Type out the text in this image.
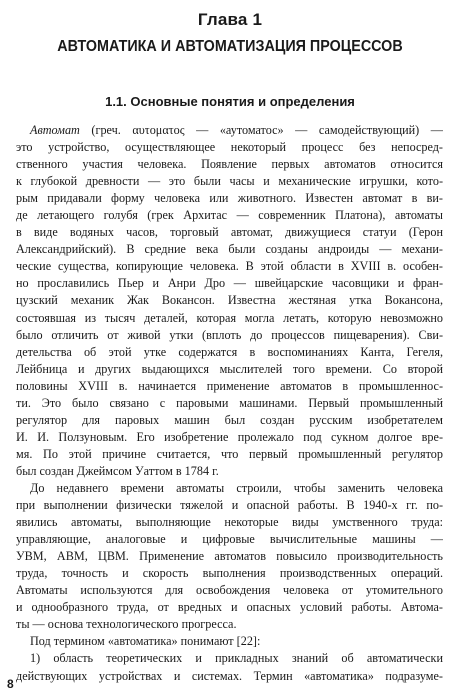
Глава 1
АВТОМАТИКА И АВТОМАТИЗАЦИЯ ПРОЦЕССОВ
1.1. Основные понятия и определения
Автомат (греч. αυτοματος — «аутоматос» — самодействующий) —
это устройство, осуществляющее некоторый процесс без непосред-
ственного участия человека. Появление первых автоматов относится
к глубокой древности — это были часы и механические игрушки, кото-
рым придавали форму человека или животного. Известен автомат в ви-
де летающего голубя (грек Архитас — современник Платона), автоматы
в виде водяных часов, торговый автомат, движущиеся статуи (Герон
Александрийский). В средние века были созданы андроиды — механи-
ческие существа, копирующие человека. В этой области в XVIII в. особен-
но прославились Пьер и Анри Дро — швейцарские часовщики и фран-
цузский механик Жак Вокансон. Известна жестяная утка Вокансона,
состоявшая из тысяч деталей, которая могла летать, которую невозможно
было отличить от живой утки (вплоть до процессов пищеварения). Сви-
детельства об этой утке содержатся в воспоминаниях Канта, Гегеля,
Лейбница и других выдающихся мыслителей того времени. Со второй
половины XVIII в. начинается применение автоматов в промышленнос-
ти. Это было связано с паровыми машинами. Первый промышленный
регулятор для паровых машин был создан русским изобретателем
И. И. Ползуновым. Его изобретение пролежало под сукном долгое вре-
мя. По этой причине считается, что первый промышленный регулятор
был создан Джеймсом Уаттом в 1784 г.
До недавнего времени автоматы строили, чтобы заменить человека
при выполнении физически тяжелой и опасной работы. В 1940-х гг. по-
явились автоматы, выполняющие некоторые виды умственного труда:
управляющие, аналоговые и цифровые вычислительные машины —
УВМ, АВМ, ЦВМ. Применение автоматов повысило производительность
труда, точность и скорость выполнения производственных операций.
Автоматы используются для освобождения человека от утомительного
и однообразного труда, от вредных и опасных условий работы. Автома-
ты — основа технологического прогресса.
Под термином «автоматика» понимают [22]:
1) область теоретических и прикладных знаний об автоматически
действующих устройствах и системах. Термин «автоматика» подразуме-
8
